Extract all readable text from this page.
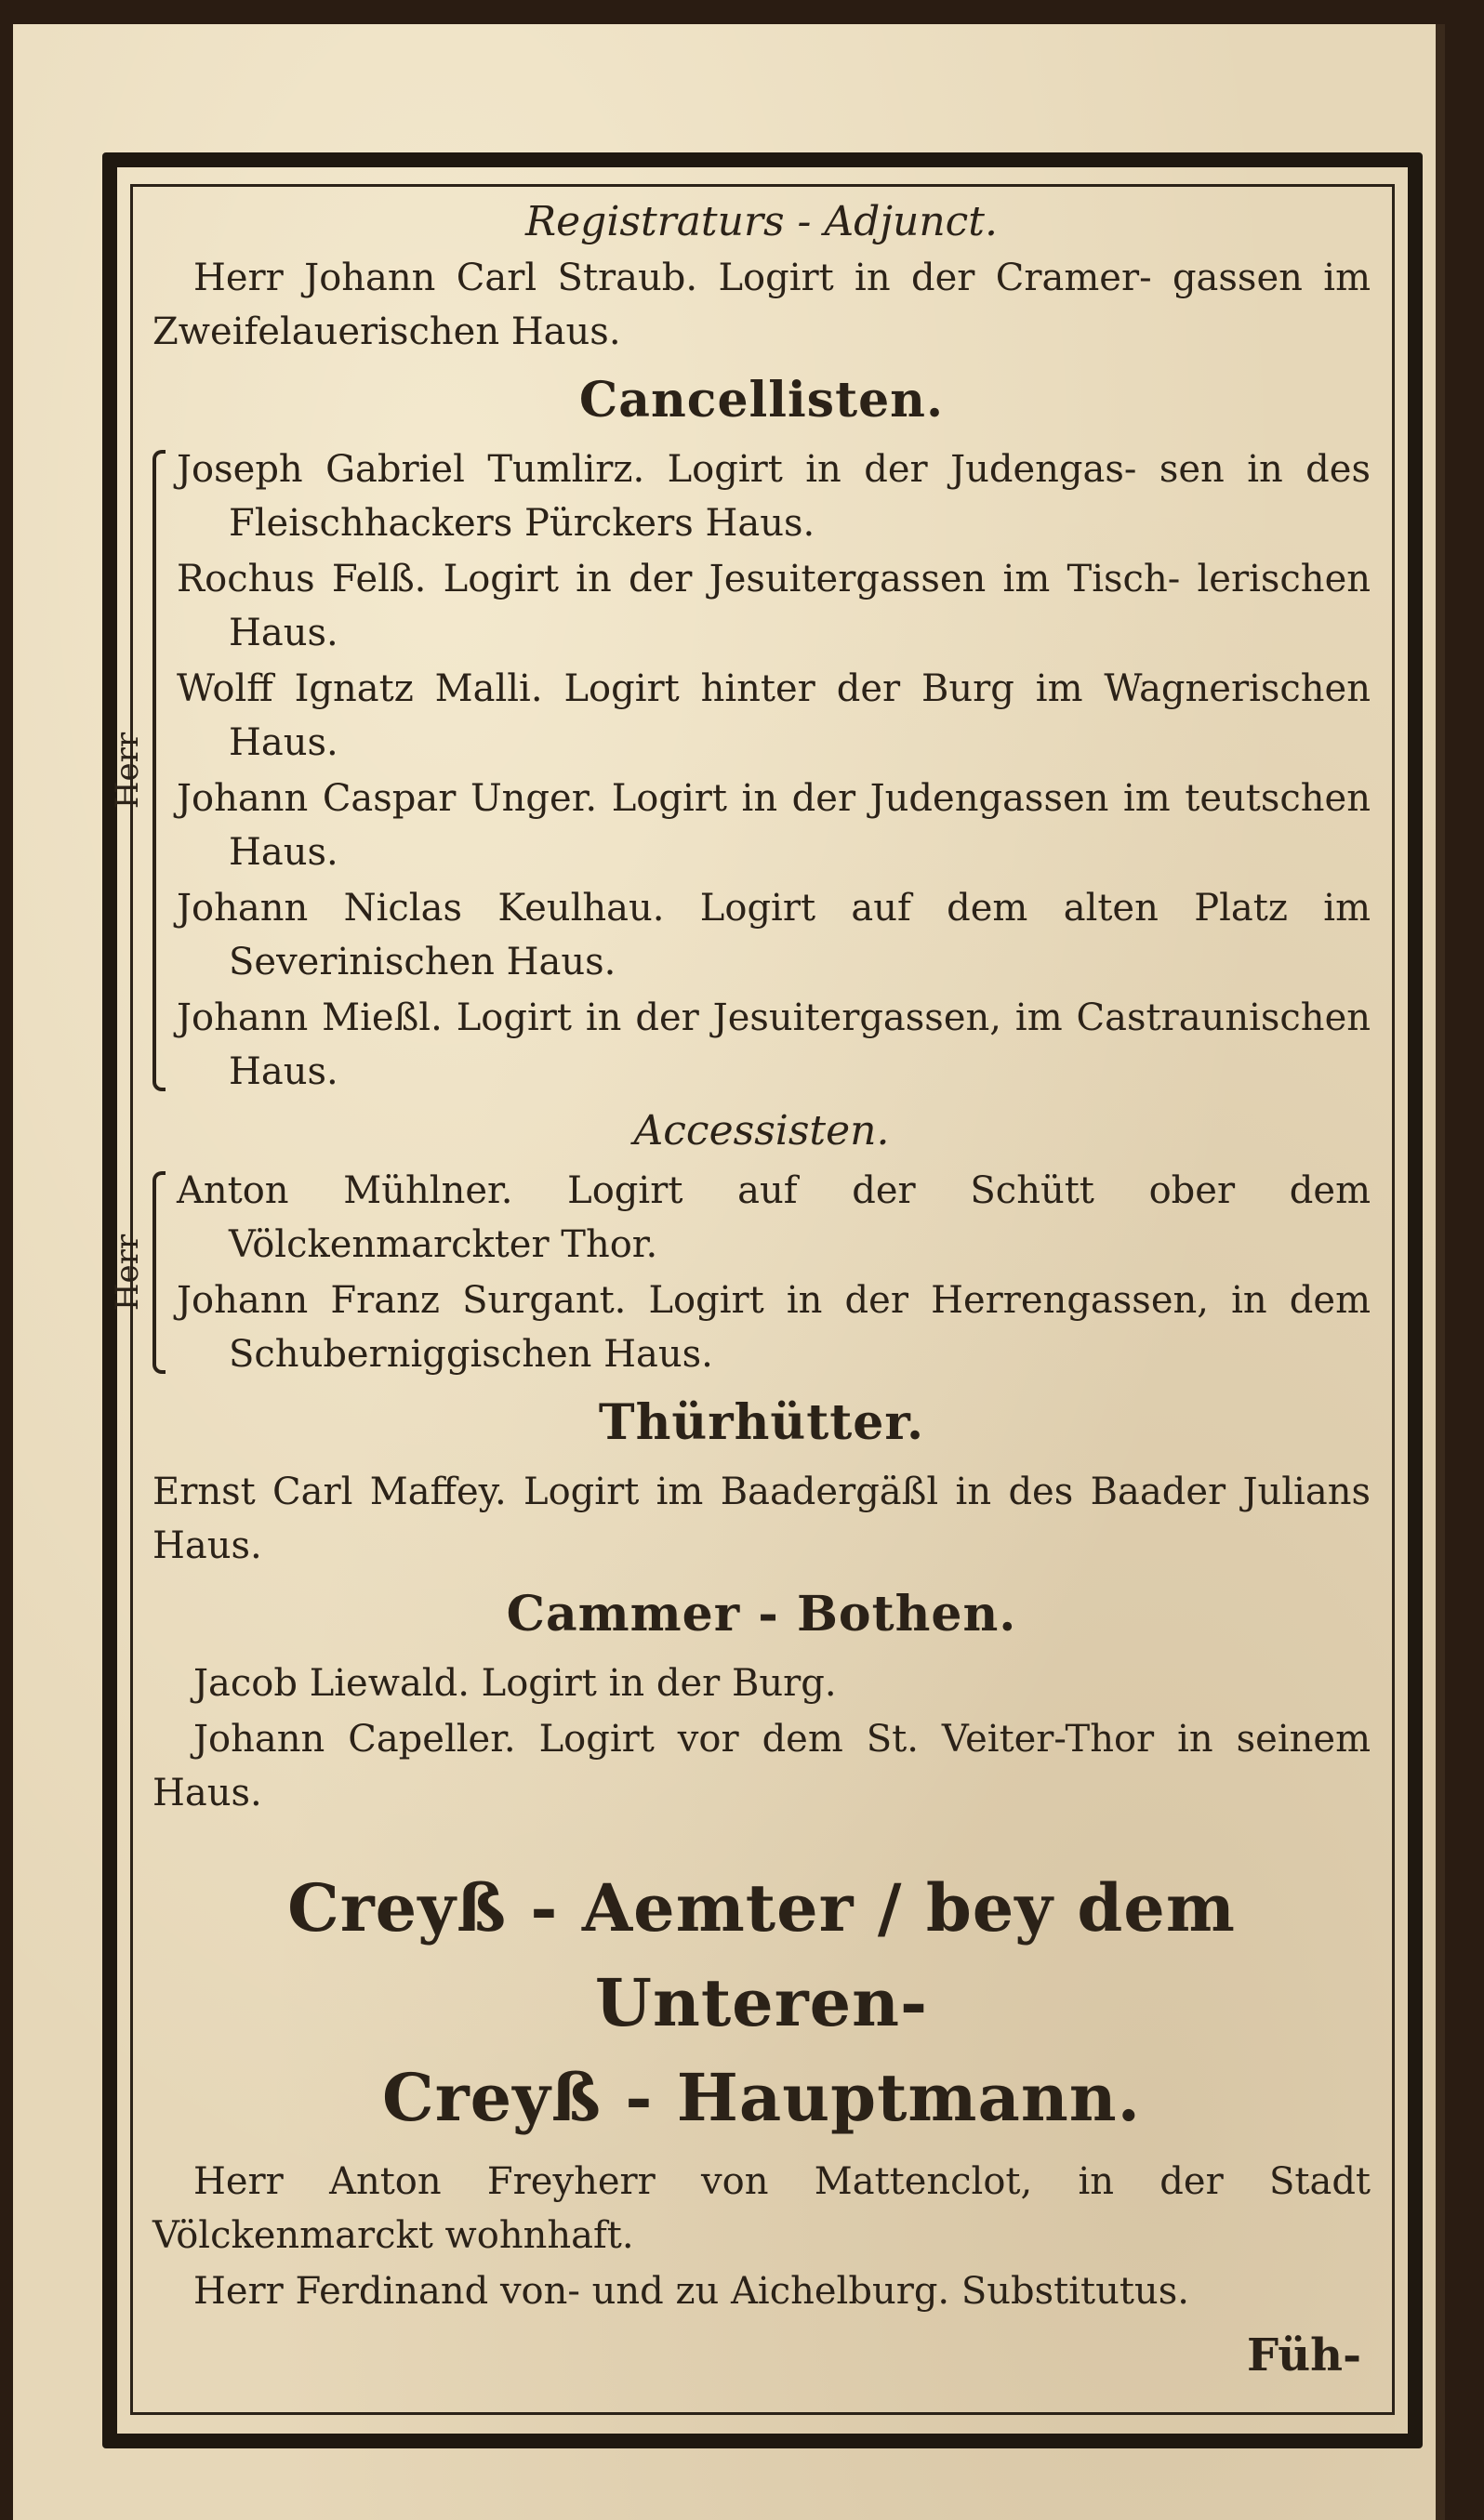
Registraturs - Adjunct.

Herr Johann Carl Straub. Logirt in der Cramer- gassen im Zweifelauerischen Haus.

Cancellisten.

Herr

Joseph Gabriel Tumlirz. Logirt in der Judengas- sen in des Fleischhackers Pürckers Haus.

Rochus Felß. Logirt in der Jesuitergassen im Tisch- lerischen Haus.

Wolff Ignatz Malli. Logirt hinter der Burg im Wagnerischen Haus.

Johann Caspar Unger. Logirt in der Judengassen im teutschen Haus.

Johann Niclas Keulhau. Logirt auf dem alten Platz im Severinischen Haus.

Johann Mießl. Logirt in der Jesuitergassen, im Castraunischen Haus.

Accessisten.

Herr

Anton Mühlner. Logirt auf der Schütt ober dem Völckenmarckter Thor.

Johann Franz Surgant. Logirt in der Herrengassen, in dem Schuberniggischen Haus.

Thürhütter.

Ernst Carl Maffey. Logirt im Baadergäßl in des Baader Julians Haus.

Cammer - Bothen.

Jacob Liewald. Logirt in der Burg.

Johann Capeller. Logirt vor dem St. Veiter-Thor in seinem Haus.

Creyß - Aemter / bey dem Unteren-

Creyß - Hauptmann.

Herr Anton Freyherr von Mattenclot, in der Stadt Völckenmarckt wohnhaft.

Herr Ferdinand von- und zu Aichelburg. Substitutus.

Füh-
